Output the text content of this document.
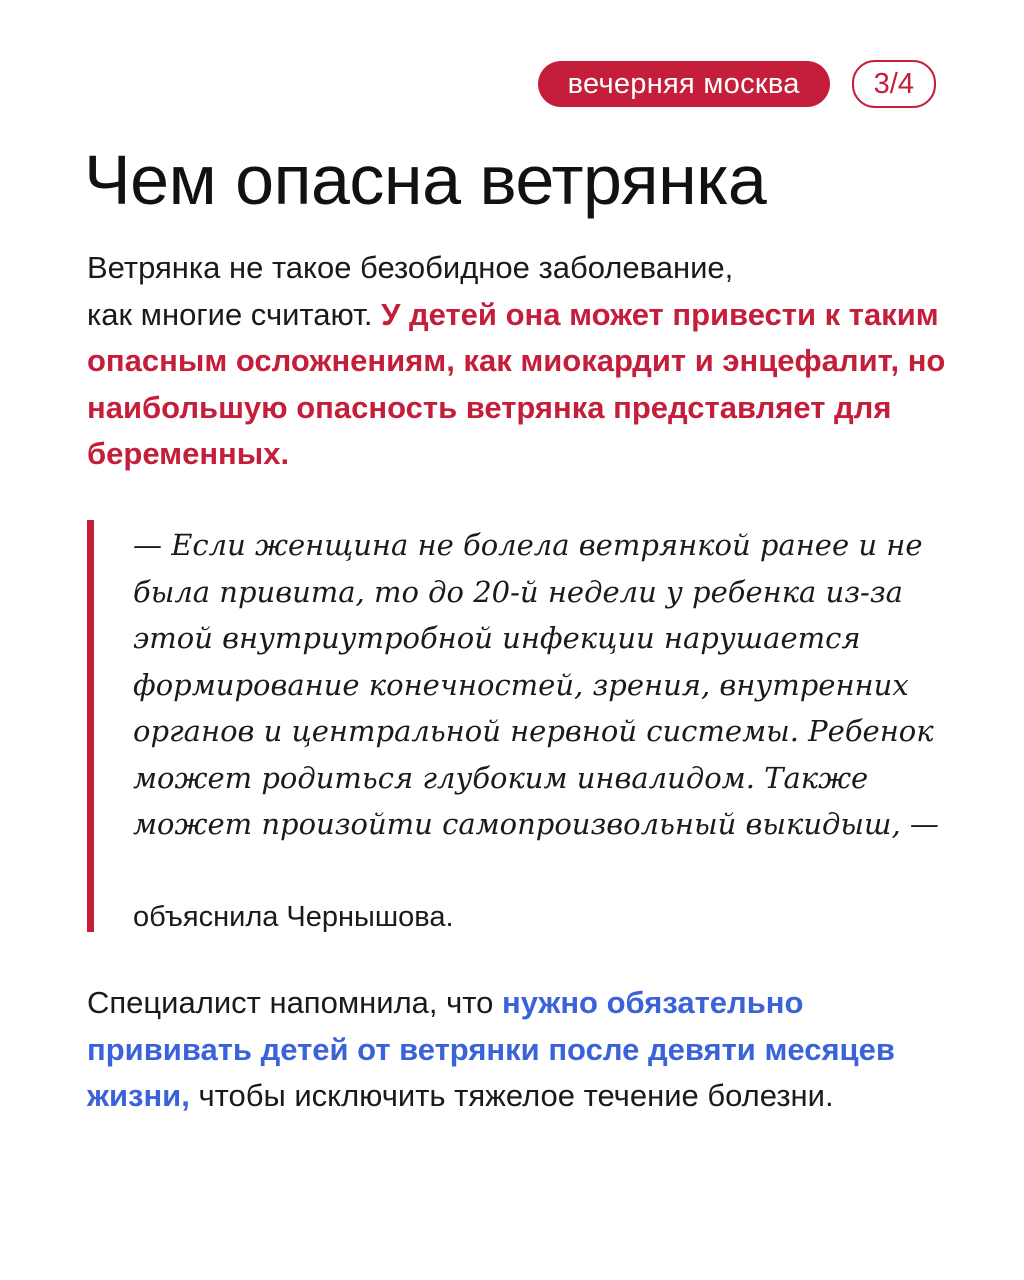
вечерняя москва	3/4
Чем опасна ветрянка

Ветрянка не такое безобидное заболевание,
как многие считают. У детей она может привести к таким опасным осложнениям, как миокардит и энцефалит, но наибольшую опасность ветрянка представляет для беременных.

— Если женщина не болела ветрянкой ранее и не была привита, то до 20-й недели у ребенка из-за этой внутриутробной инфекции нарушается формирование конечностей, зрения, внутренних органов и центральной нервной системы. Ребенок может родиться глубоким инвалидом. Также может произойти самопроизвольный выкидыш, —

объяснила Чернышова.

Специалист напомнила, что нужно обязательно прививать детей от ветрянки после девяти месяцев жизни, чтобы исключить тяжелое течение болезни.
